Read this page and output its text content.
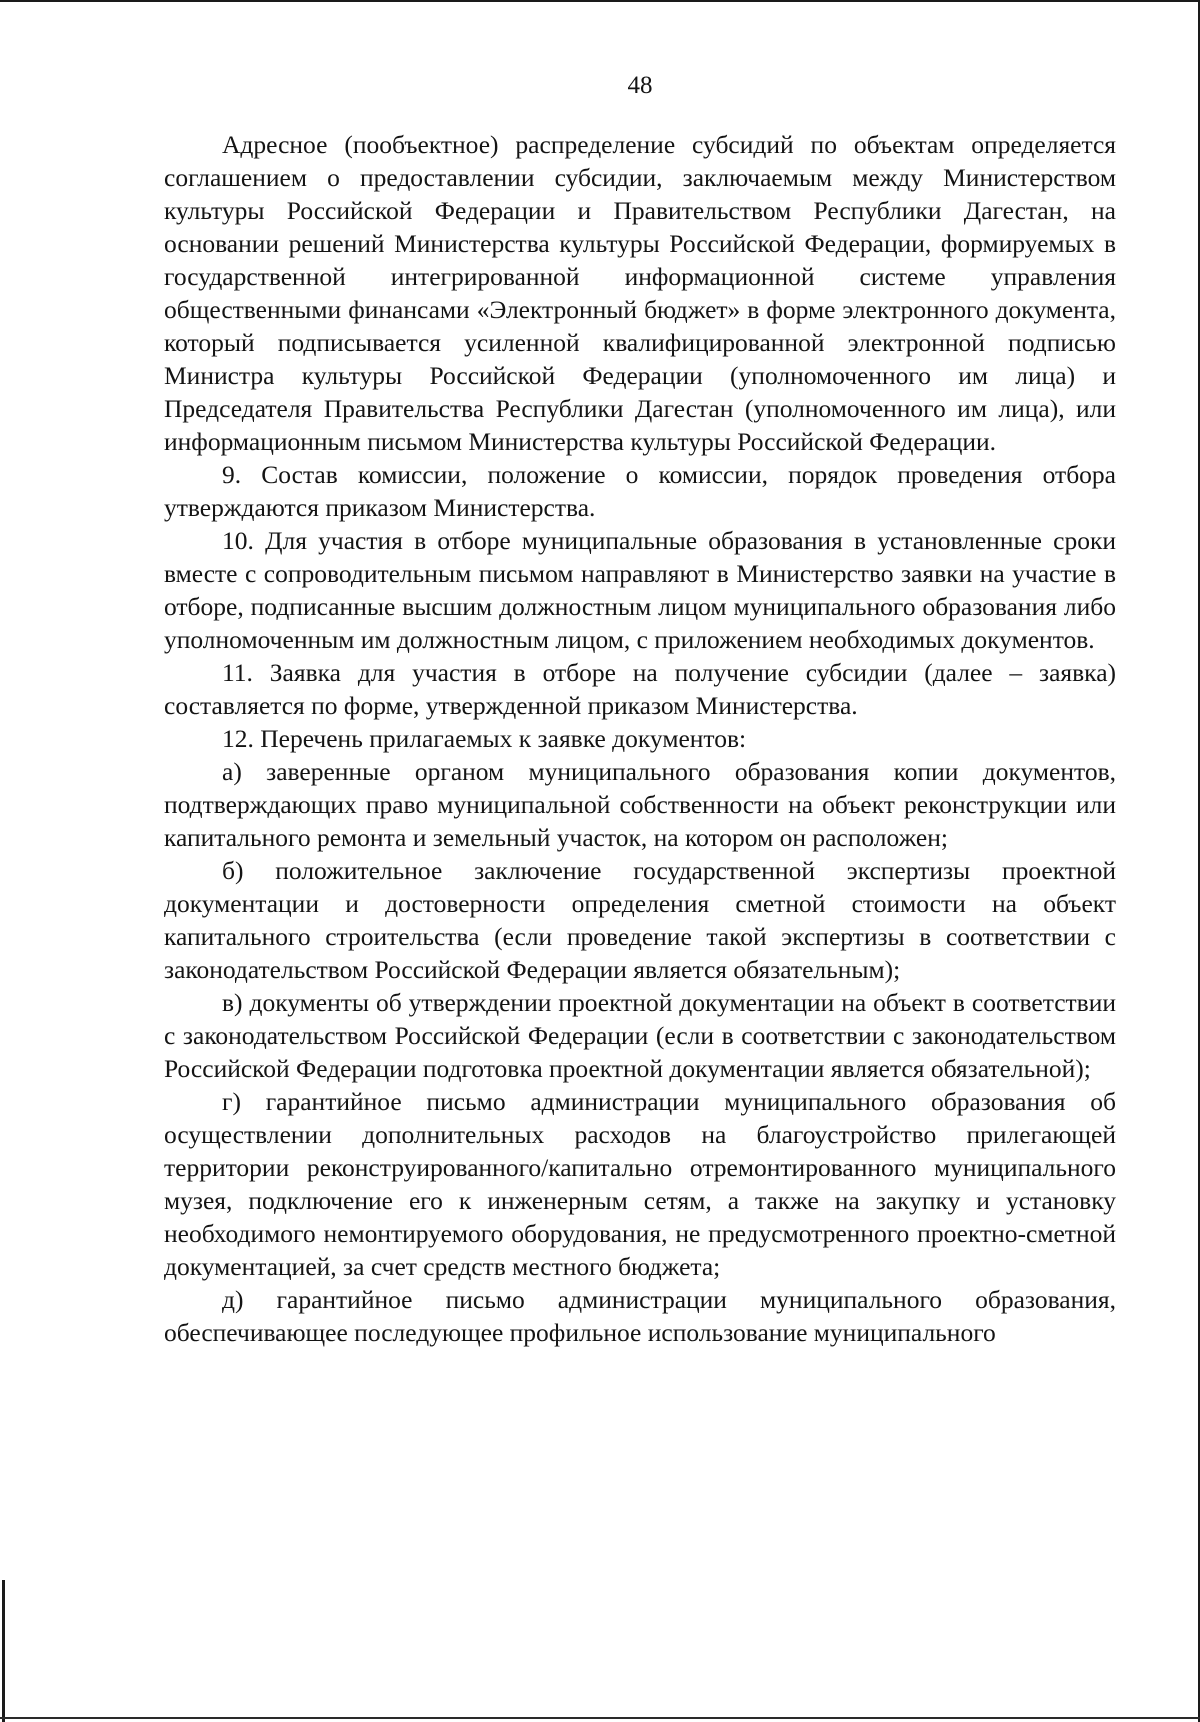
48

Адресное (пообъектное) распределение субсидий по объектам определяется соглашением о предоставлении субсидии, заключаемым между Министерством культуры Российской Федерации и Правительством Республики Дагестан, на основании решений Министерства культуры Российской Федерации, формируемых в государственной интегрированной информационной системе управления общественными финансами «Электронный бюджет» в форме электронного документа, который подписывается усиленной квалифицированной электронной подписью Министра культуры Российской Федерации (уполномоченного им лица) и Председателя Правительства Республики Дагестан (уполномоченного им лица), или информационным письмом Министерства культуры Российской Федерации.

9. Состав комиссии, положение о комиссии, порядок проведения отбора утверждаются приказом Министерства.

10. Для участия в отборе муниципальные образования в установленные сроки вместе с сопроводительным письмом направляют в Министерство заявки на участие в отборе, подписанные высшим должностным лицом муниципального образования либо уполномоченным им должностным лицом, с приложением необходимых документов.

11. Заявка для участия в отборе на получение субсидии (далее – заявка) составляется по форме, утвержденной приказом Министерства.

12. Перечень прилагаемых к заявке документов:

а) заверенные органом муниципального образования копии документов, подтверждающих право муниципальной собственности на объект реконструкции или капитального ремонта и земельный участок, на котором он расположен;

б) положительное заключение государственной экспертизы проектной документации и достоверности определения сметной стоимости на объект капитального строительства (если проведение такой экспертизы в соответствии с законодательством Российской Федерации является обязательным);

в) документы об утверждении проектной документации на объект в соответствии с законодательством Российской Федерации (если в соответствии с законодательством Российской Федерации подготовка проектной документации является обязательной);

г) гарантийное письмо администрации муниципального образования об осуществлении дополнительных расходов на благоустройство прилегающей территории реконструированного/капитально отремонтированного муниципального музея, подключение его к инженерным сетям, а также на закупку и установку необходимого немонтируемого оборудования, не предусмотренного проектно-сметной документацией, за счет средств местного бюджета;

д) гарантийное письмо администрации муниципального образования, обеспечивающее последующее профильное использование муниципального
